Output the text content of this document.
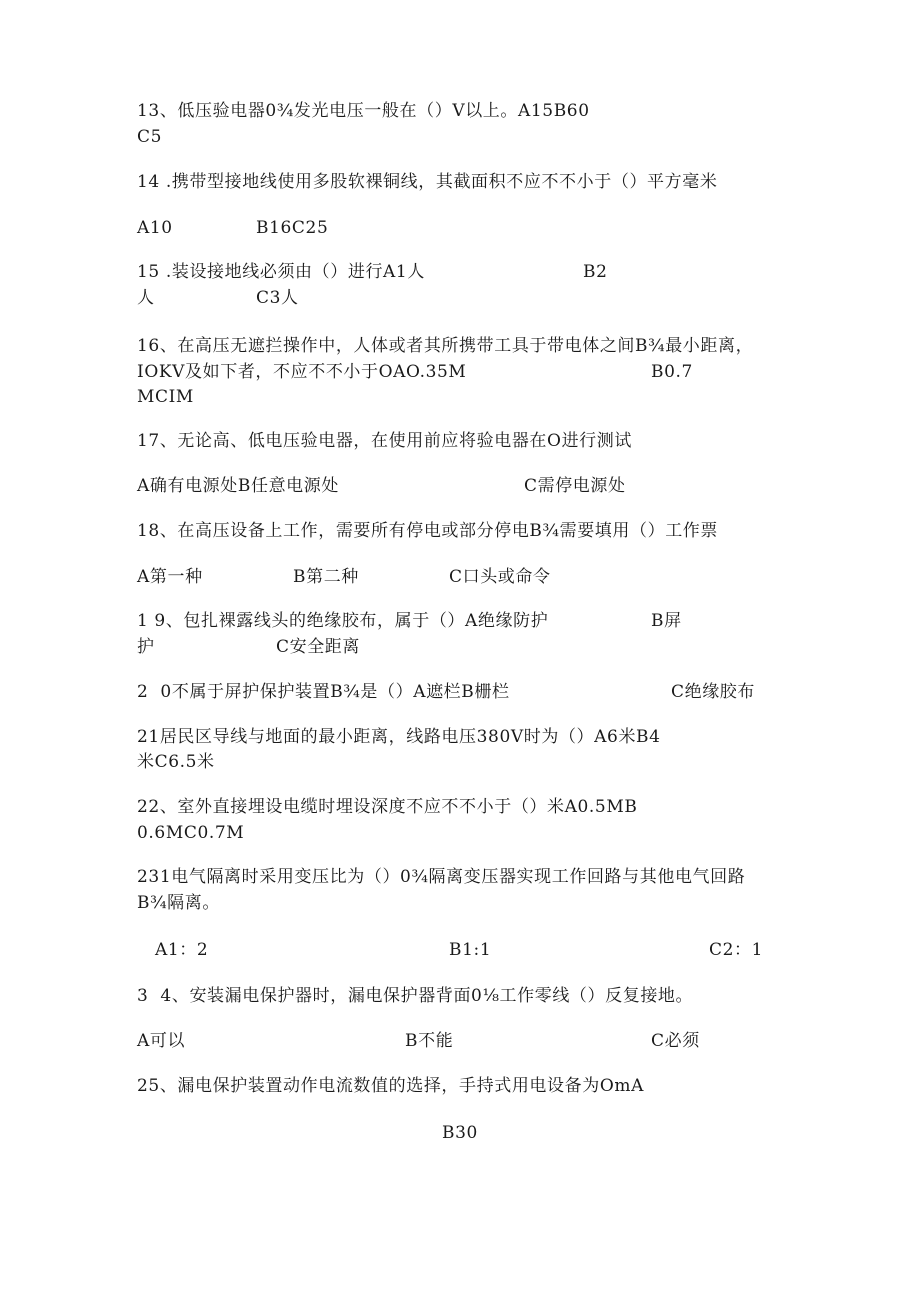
13、低压验电器0¾发光电压一般在（）V以上。A15B60
C5
14 .携带型接地线使用多股软裸铜线，其截面积不应不不小于（）平方毫米
A10	B16C25
15 .装设接地线必须由（）进行A1人	B2
人	C3人
16、在高压无遮拦操作中，人体或者其所携带工具于带电体之间B¾最小距离，
IOKV及如下者，不应不不小于OAO.35M	B0.7
MCIM
17、无论高、低电压验电器，在使用前应将验电器在O进行测试
A确有电源处B任意电源处	C需停电源处
18、在高压设备上工作，需要所有停电或部分停电B¾需要填用（）工作票
A第一种	B第二种	C口头或命令
1 9、包扎裸露线头的绝缘胶布，属于（）A绝缘防护	B屏
护	C安全距离
2  0不属于屏护保护装置B¾是（）A遮栏B栅栏	C绝缘胶布
21居民区导线与地面的最小距离，线路电压380V时为（）A6米B4
米C6.5米
22、室外直接埋设电缆时埋设深度不应不不小于（）米A0.5MB
0.6MC0.7M
231电气隔离时采用变压比为（）0¾隔离变压器实现工作回路与其他电气回路
B¾隔离。
A1：2	B1:1	C2：1
3  4、安装漏电保护器时，漏电保护器背面0⅛工作零线（）反复接地。
A可以	B不能	C必须
25、漏电保护装置动作电流数值的选择，手持式用电设备为OmA
B30
